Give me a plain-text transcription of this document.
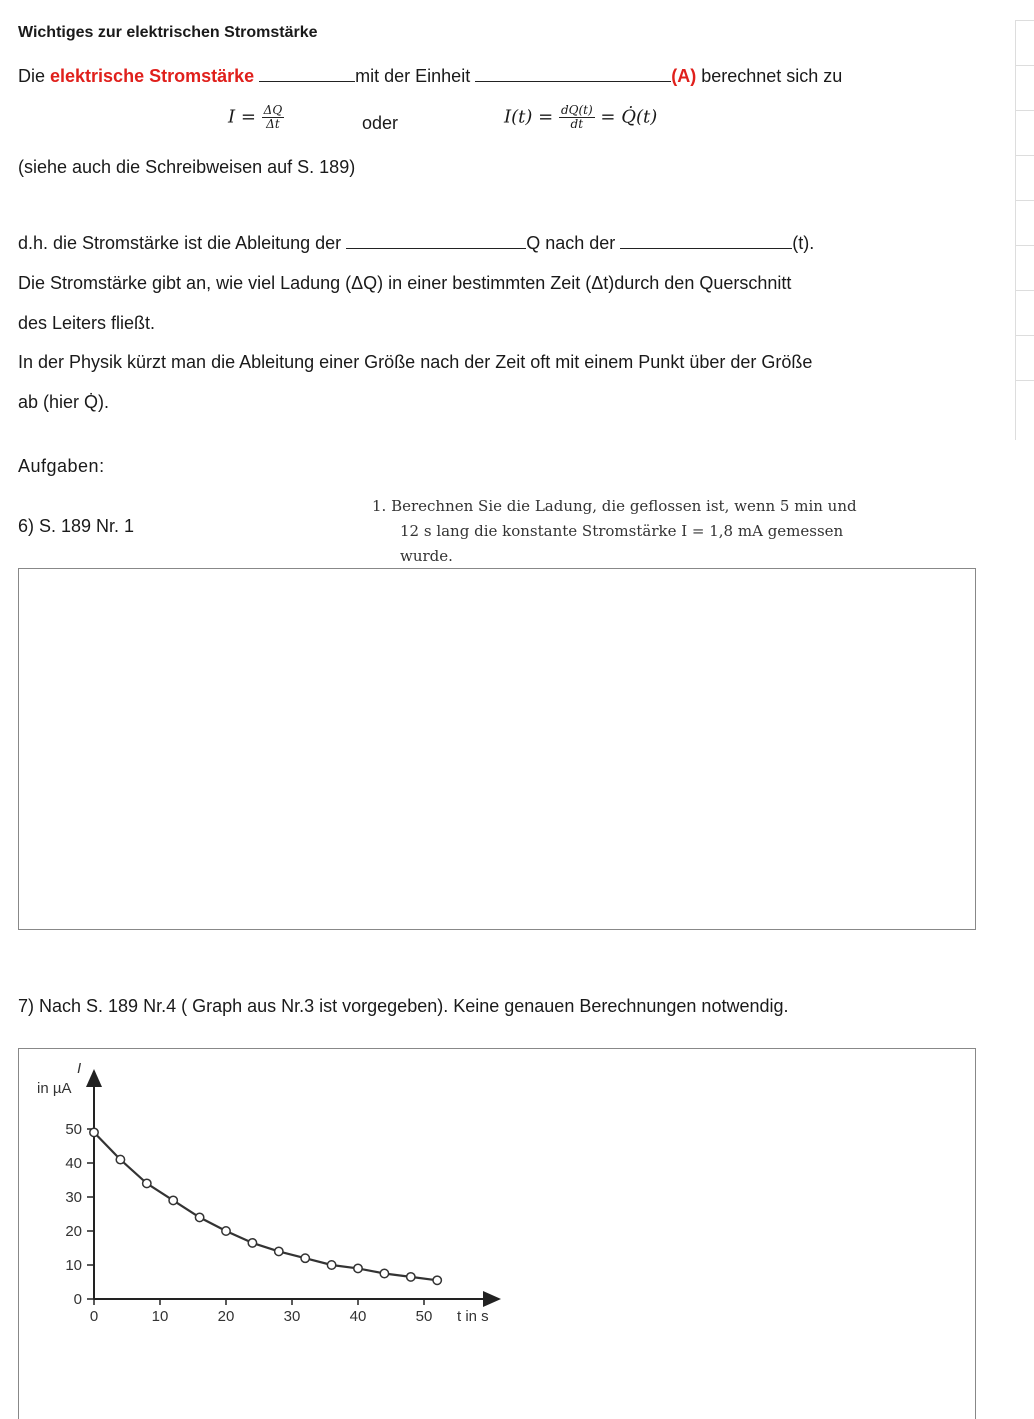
Wichtiges zur elektrischen Stromstärke
Die elektrische Stromstärke	mit der Einheit	(A) berechnet sich zu
$I = \frac{\Delta Q}{\Delta t}$	oder	$I(t) = \frac{dQ(t)}{dt}$ = Q̇(t)
(siehe auch die Schreibweisen auf S. 189)
d.h. die Stromstärke ist die Ableitung der	Q nach der	(t).
Die Stromstärke gibt an, wie viel Ladung (ΔQ) in einer bestimmten Zeit (Δt)durch den Querschnitt
des Leiters fließt.
In der Physik kürzt man die Ableitung einer Größe nach der Zeit oft mit einem Punkt über der Größe
ab (hier Q̇).
Aufgaben:
6) S. 189 Nr. 1
1. Berechnen Sie die Ladung, die geflossen ist, wenn 5 min und
12 s lang die konstante Stromstärke I = 1,8 mA gemessen
wurde.
7) Nach S. 189 Nr.4 ( Graph aus Nr.3 ist vorgegeben). Keine genauen Berechnungen notwendig.
I
in µA
t in s
0	10	20	30	40	50
0
10
20
30
40
50
